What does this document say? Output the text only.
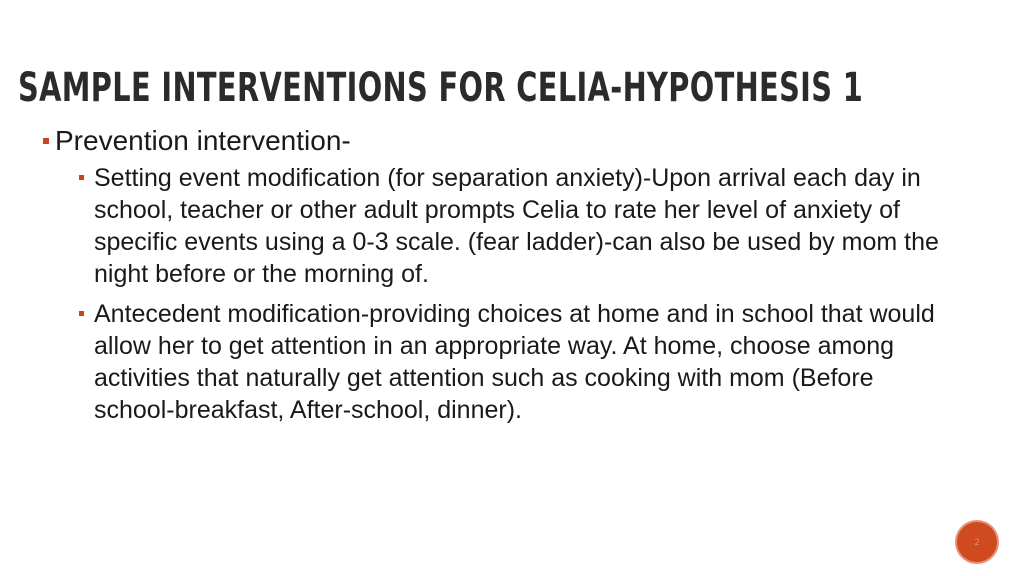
SAMPLE INTERVENTIONS FOR CELIA-HYPOTHESIS 1
Prevention intervention-
Setting event modification (for separation anxiety)-Upon arrival each day in school, teacher or other adult prompts Celia to rate her level of anxiety of specific events using a 0-3 scale. (fear ladder)-can also be used by mom the night before or the morning of.
Antecedent modification-providing choices at home and in school that would allow her to get attention in an appropriate way. At home, choose among activities that naturally get attention such as cooking with mom (Before school-breakfast, After-school, dinner).
2
